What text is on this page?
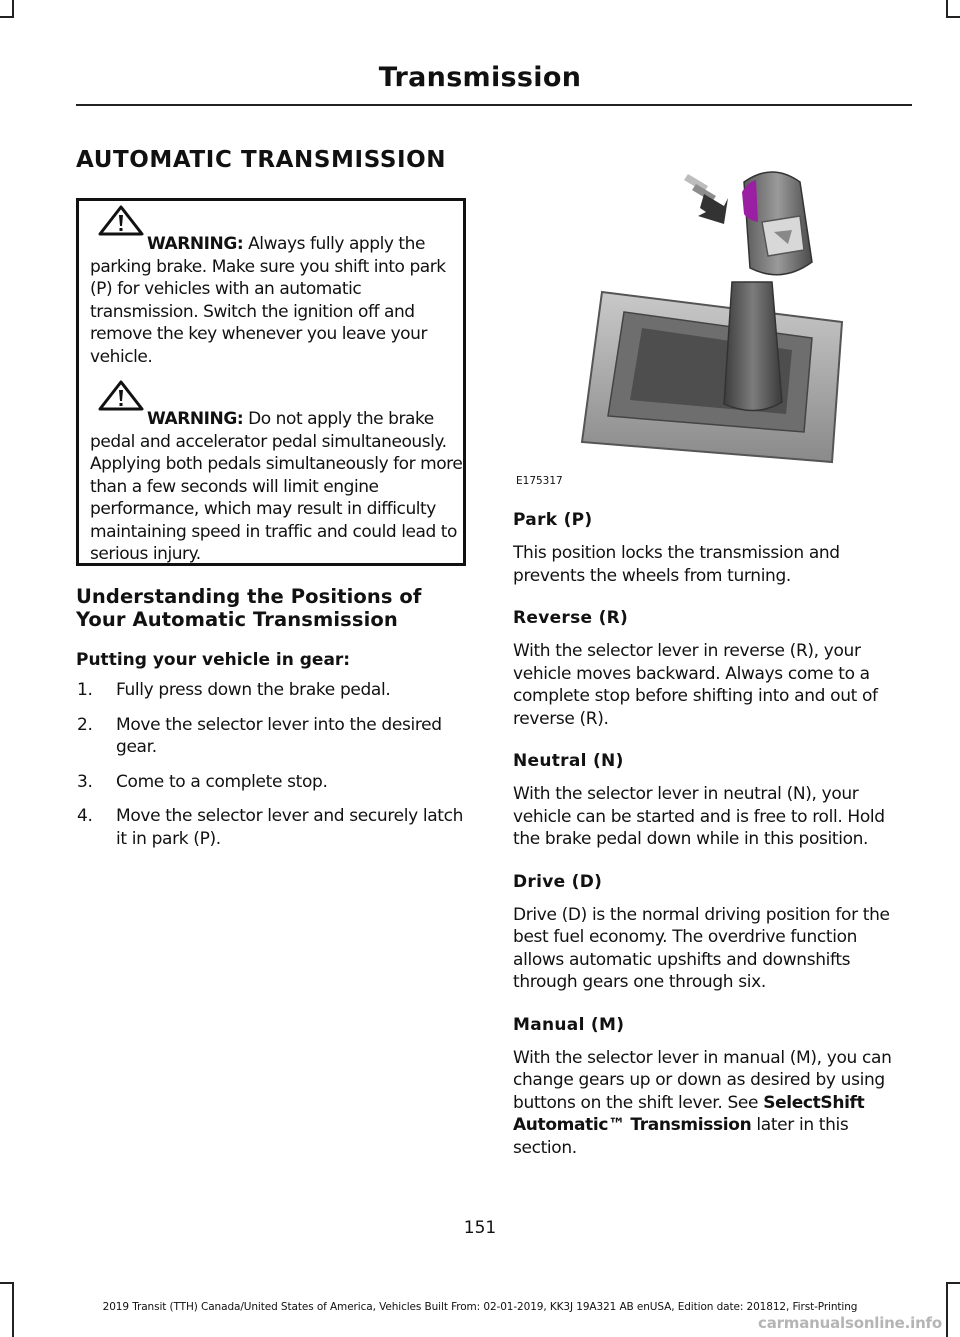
Transmission
AUTOMATIC TRANSMISSION
WARNING: Always fully apply the parking brake. Make sure you shift into park (P) for vehicles with an automatic transmission. Switch the ignition off and remove the key whenever you leave your vehicle.
WARNING: Do not apply the brake pedal and accelerator pedal simultaneously. Applying both pedals simultaneously for more than a few seconds will limit engine performance, which may result in difficulty maintaining speed in traffic and could lead to serious injury.
Understanding the Positions of Your Automatic Transmission
Putting your vehicle in gear:
1. Fully press down the brake pedal.
2. Move the selector lever into the desired gear.
3. Come to a complete stop.
4. Move the selector lever and securely latch it in park (P).
E175317
Park (P)

This position locks the transmission and prevents the wheels from turning.

Reverse (R)

With the selector lever in reverse (R), your vehicle moves backward. Always come to a complete stop before shifting into and out of reverse (R).

Neutral (N)

With the selector lever in neutral (N), your vehicle can be started and is free to roll. Hold the brake pedal down while in this position.

Drive (D)

Drive (D) is the normal driving position for the best fuel economy. The overdrive function allows automatic upshifts and downshifts through gears one through six.

Manual (M)

With the selector lever in manual (M), you can change gears up or down as desired by using buttons on the shift lever. See SelectShift Automatic™ Transmission later in this section.

151
2019 Transit (TTH) Canada/United States of America, Vehicles Built From: 02-01-2019, KK3J 19A321 AB enUSA, Edition date: 201812, First-Printing
carmanualsonline.info
